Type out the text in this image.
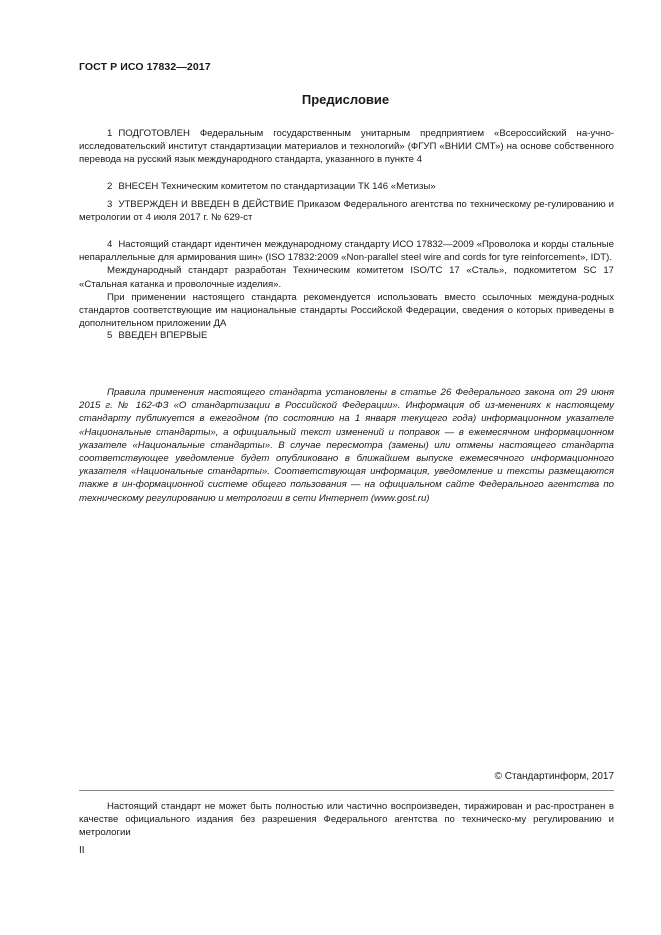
ГОСТ Р ИСО 17832—2017
Предисловие

1 ПОДГОТОВЛЕН Федеральным государственным унитарным предприятием «Всероссийский на-учно-исследовательский институт стандартизации материалов и технологий» (ФГУП «ВНИИ СМТ») на основе собственного перевода на русский язык международного стандарта, указанного в пункте 4

2 ВНЕСЕН Техническим комитетом по стандартизации ТК 146 «Метизы»

3 УТВЕРЖДЕН И ВВЕДЕН В ДЕЙСТВИЕ Приказом Федерального агентства по техническому ре-гулированию и метрологии от 4 июля 2017 г. № 629-ст

4 Настоящий стандарт идентичен международному стандарту ИСО 17832—2009 «Проволока и корды стальные непараллельные для армирования шин» (ISO 17832:2009 «Non-parallel steel wire and cords for tyre reinforcement», IDT).

Международный стандарт разработан Техническим комитетом ISO/TC 17 «Сталь», подкомитетом SC 17 «Стальная катанка и проволочные изделия».

При применении настоящего стандарта рекомендуется использовать вместо ссылочных междуна-родных стандартов соответствующие им национальные стандарты Российской Федерации, сведения о которых приведены в дополнительном приложении ДА

5 ВВЕДЕН ВПЕРВЫЕ

Правила применения настоящего стандарта установлены в статье 26 Федерального закона от 29 июня 2015 г. № 162-ФЗ «О стандартизации в Российской Федерации». Информация об из-менениях к настоящему стандарту публикуется в ежегодном (по состоянию на 1 января текущего года) информационном указателе «Национальные стандарты», а официальный текст изменений и поправок — в ежемесячном информационном указателе «Национальные стандарты». В случае пересмотра (замены) или отмены настоящего стандарта соответствующее уведомление будет опубликовано в ближайшем выпуске ежемесячного информационного указателя «Национальные стандарты». Соответствующая информация, уведомление и тексты размещаются также в ин-формационной системе общего пользования — на официальном сайте Федерального агентства по техническому регулированию и метрологии в сети Интернет (www.gost.ru)

© Стандартинформ, 2017

Настоящий стандарт не может быть полностью или частично воспроизведен, тиражирован и рас-пространен в качестве официального издания без разрешения Федерального агентства по техническо-му регулированию и метрологии

II
